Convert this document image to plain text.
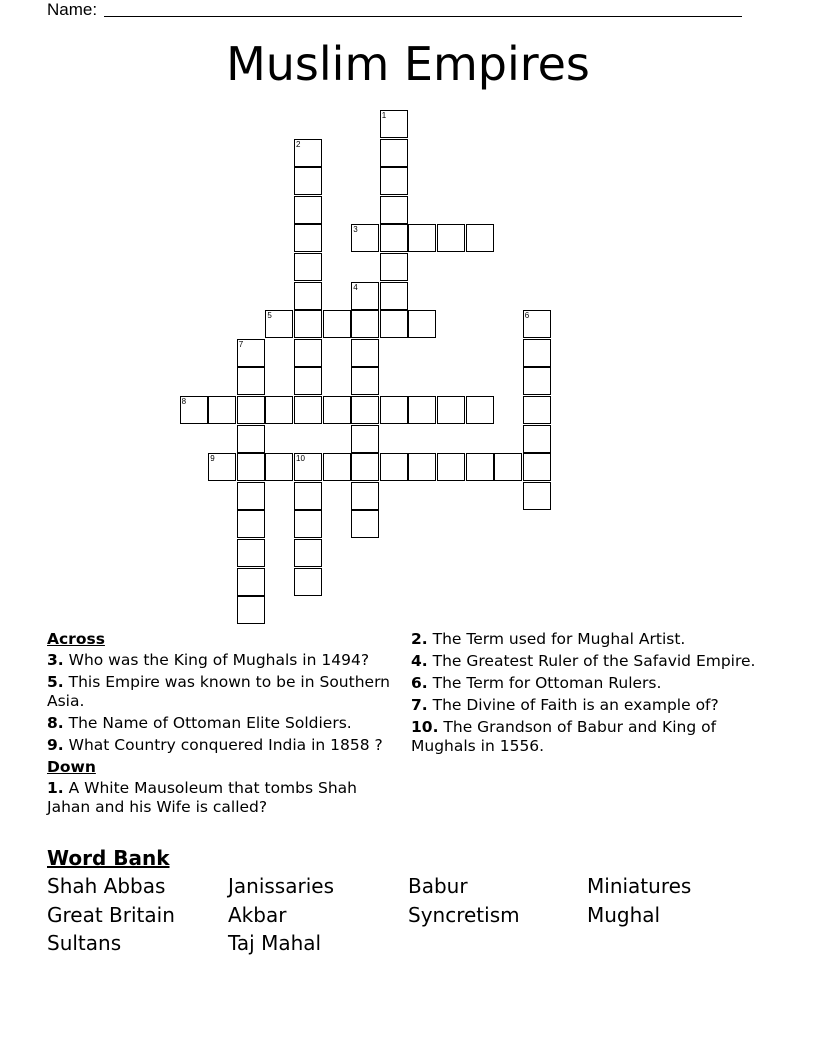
Name:
Muslim Empires
1
2
3
4
5	6
7
8
9	10
Across
3. Who was the King of Mughals in 1494?
5. This Empire was known to be in Southern Asia.
8. The Name of Ottoman Elite Soldiers.
9. What Country conquered India in 1858 ?
Down
1. A White Mausoleum that tombs Shah Jahan and his Wife is called?
2. The Term used for Mughal Artist.
4. The Greatest Ruler of the Safavid Empire.
6. The Term for Ottoman Rulers.
7. The Divine of Faith is an example of?
10. The Grandson of Babur and King of Mughals in 1556.
Word Bank
Shah Abbas	Janissaries	Babur	Miniatures
Great Britain	Akbar	Syncretism	Mughal
Sultans	Taj Mahal
